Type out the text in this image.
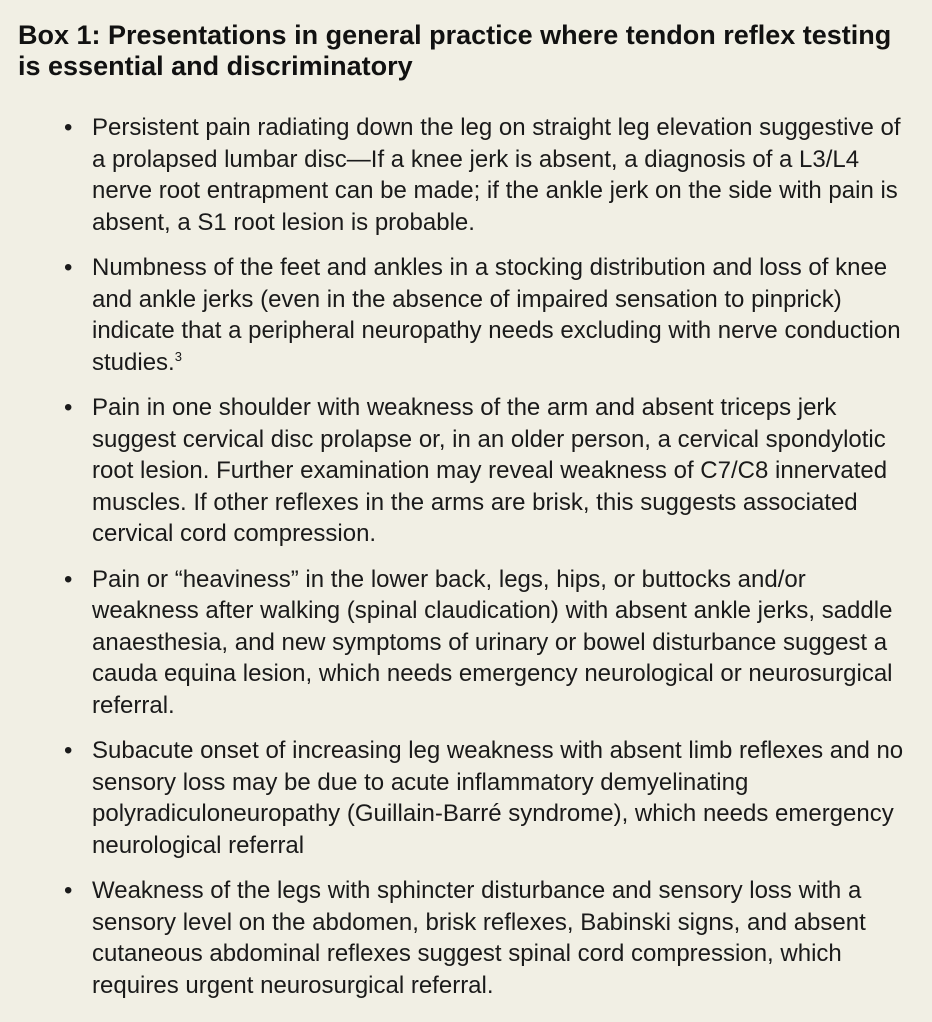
Box 1: Presentations in general practice where tendon reflex testing is essential and discriminatory
• Persistent pain radiating down the leg on straight leg elevation suggestive of a prolapsed lumbar disc—If a knee jerk is absent, a diagnosis of a L3/L4 nerve root entrapment can be made; if the ankle jerk on the side with pain is absent, a S1 root lesion is probable.
• Numbness of the feet and ankles in a stocking distribution and loss of knee and ankle jerks (even in the absence of impaired sensation to pinprick) indicate that a peripheral neuropathy needs excluding with nerve conduction studies.$^3$
• Pain in one shoulder with weakness of the arm and absent triceps jerk suggest cervical disc prolapse or, in an older person, a cervical spondylotic root lesion. Further examination may reveal weakness of C7/C8 innervated muscles. If other reflexes in the arms are brisk, this suggests associated cervical cord compression.
• Pain or “heaviness” in the lower back, legs, hips, or buttocks and/or weakness after walking (spinal claudication) with absent ankle jerks, saddle anaesthesia, and new symptoms of urinary or bowel disturbance suggest a cauda equina lesion, which needs emergency neurological or neurosurgical referral.
• Subacute onset of increasing leg weakness with absent limb reflexes and no sensory loss may be due to acute inflammatory demyelinating polyradiculoneuropathy (Guillain-Barré syndrome), which needs emergency neurological referral
• Weakness of the legs with sphincter disturbance and sensory loss with a sensory level on the abdomen, brisk reflexes, Babinski signs, and absent cutaneous abdominal reflexes suggest spinal cord compression, which requires urgent neurosurgical referral.
